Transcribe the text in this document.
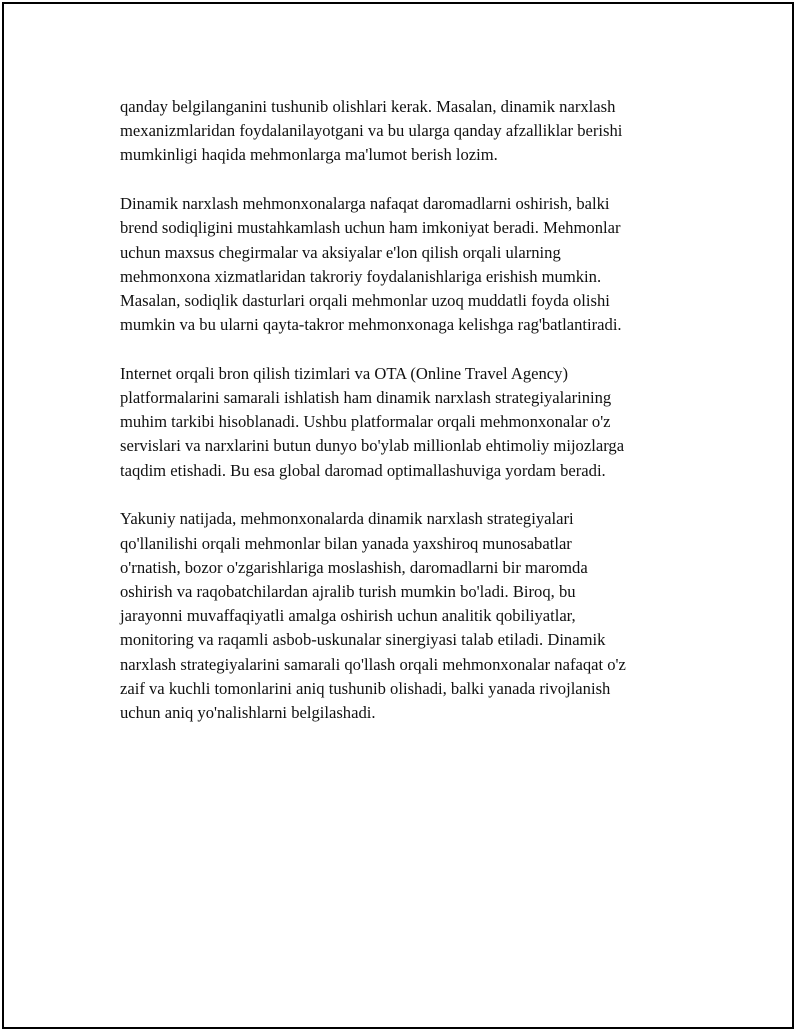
qanday belgilanganini tushunib olishlari kerak. Masalan, dinamik narxlash
mexanizmlaridan foydalanilayotgani va bu ularga qanday afzalliklar berishi
mumkinligi haqida mehmonlarga ma'lumot berish lozim.

Dinamik narxlash mehmonxonalarga nafaqat daromadlarni oshirish, balki
brend sodiqligini mustahkamlash uchun ham imkoniyat beradi. Mehmonlar
uchun maxsus chegirmalar va aksiyalar e'lon qilish orqali ularning
mehmonxona xizmatlaridan takroriy foydalanishlariga erishish mumkin.
Masalan, sodiqlik dasturlari orqali mehmonlar uzoq muddatli foyda olishi
mumkin va bu ularni qayta-takror mehmonxonaga kelishga rag'batlantiradi.

Internet orqali bron qilish tizimlari va OTA (Online Travel Agency)
platformalarini samarali ishlatish ham dinamik narxlash strategiyalarining
muhim tarkibi hisoblanadi. Ushbu platformalar orqali mehmonxonalar o'z
servislari va narxlarini butun dunyo bo'ylab millionlab ehtimoliy mijozlarga
taqdim etishadi. Bu esa global daromad optimallashuviga yordam beradi.

Yakuniy natijada, mehmonxonalarda dinamik narxlash strategiyalari
qo'llanilishi orqali mehmonlar bilan yanada yaxshiroq munosabatlar
o'rnatish, bozor o'zgarishlariga moslashish, daromadlarni bir maromda
oshirish va raqobatchilardan ajralib turish mumkin bo'ladi. Biroq, bu
jarayonni muvaffaqiyatli amalga oshirish uchun analitik qobiliyatlar,
monitoring va raqamli asbob-uskunalar sinergiyasi talab etiladi. Dinamik
narxlash strategiyalarini samarali qo'llash orqali mehmonxonalar nafaqat o'z
zaif va kuchli tomonlarini aniq tushunib olishadi, balki yanada rivojlanish
uchun aniq yo'nalishlarni belgilashadi.
